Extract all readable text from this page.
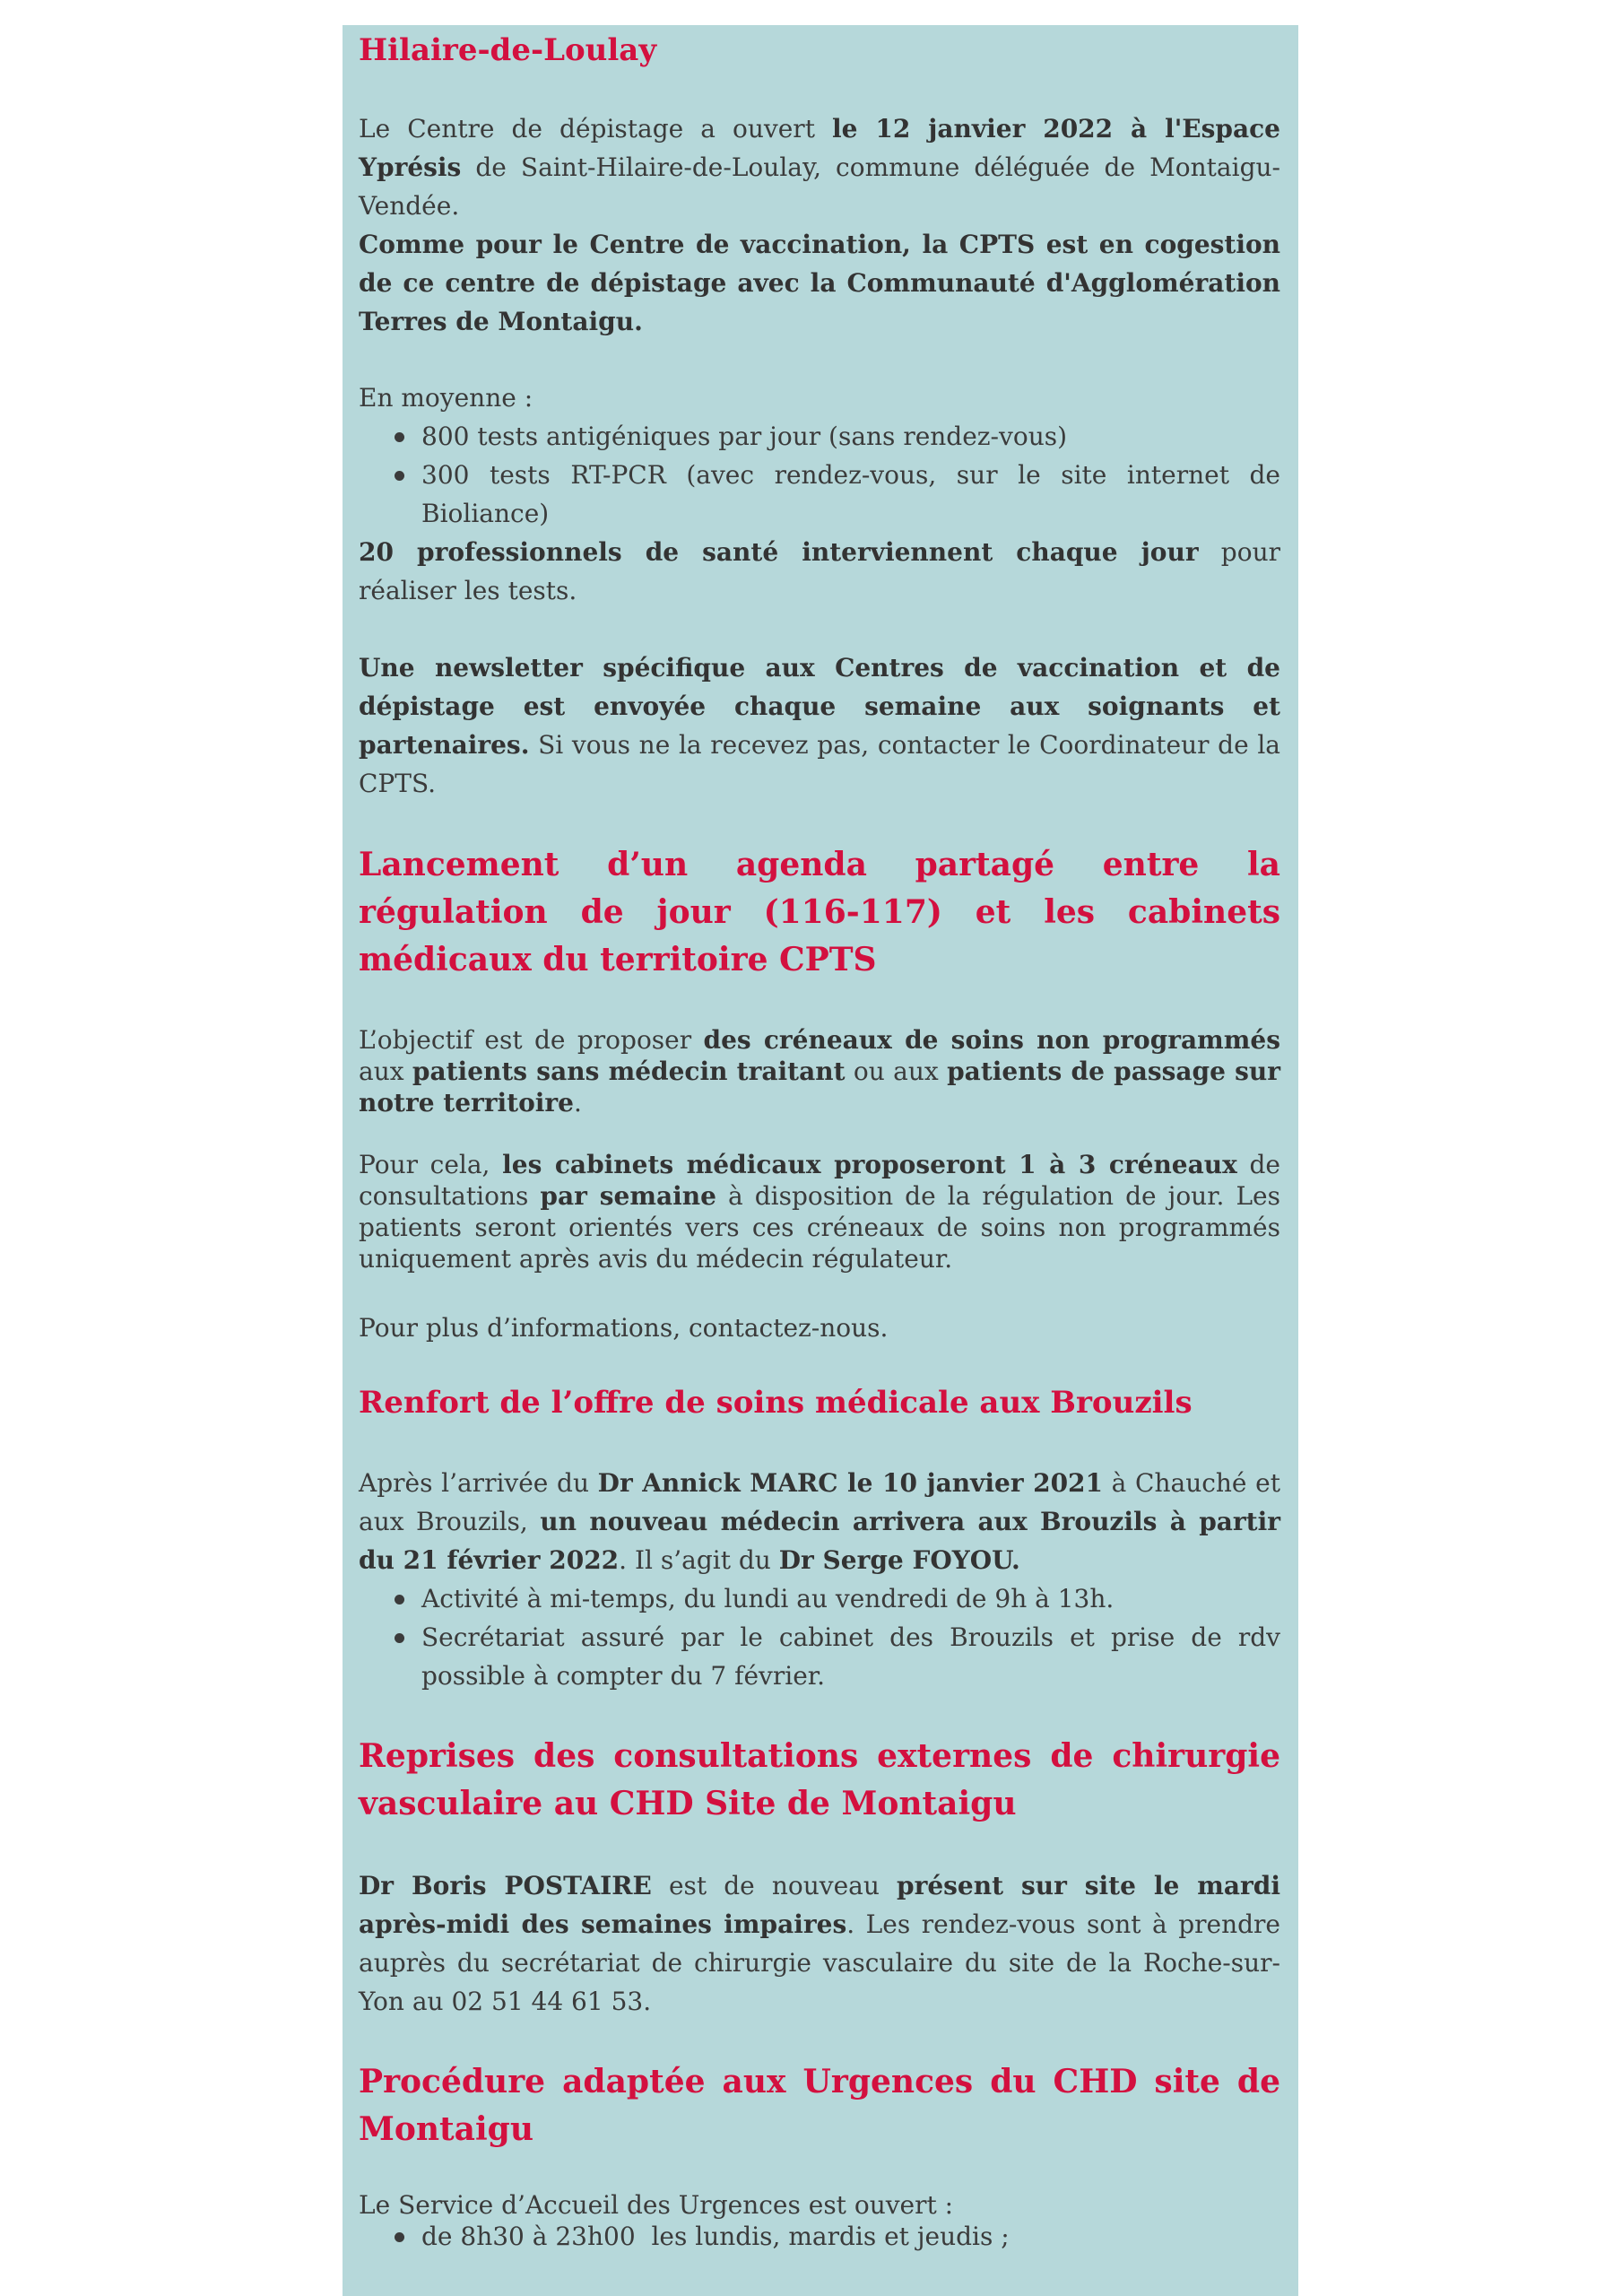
Hilaire-de-Loulay

Le Centre de dépistage a ouvert le 12 janvier 2022 à l'Espace Yprésis de Saint-Hilaire-de-Loulay, commune déléguée de Montaigu-Vendée.

Comme pour le Centre de vaccination, la CPTS est en cogestion de ce centre de dépistage avec la Communauté d'Agglomération Terres de Montaigu.

En moyenne :

800 tests antigéniques par jour (sans rendez-vous)
300 tests RT-PCR (avec rendez-vous, sur le site internet de Bioliance)

20 professionnels de santé interviennent chaque jour pour réaliser les tests.

Une newsletter spécifique aux Centres de vaccination et de dépistage est envoyée chaque semaine aux soignants et partenaires. Si vous ne la recevez pas, contacter le Coordinateur de la CPTS.

Lancement d’un agenda partagé entre la régulation de jour (116-117) et les cabinets médicaux du territoire CPTS

L’objectif est de proposer des créneaux de soins non programmés aux patients sans médecin traitant ou aux patients de passage sur notre territoire.

Pour cela, les cabinets médicaux proposeront 1 à 3 créneaux de consultations par semaine à disposition de la régulation de jour. Les patients seront orientés vers ces créneaux de soins non programmés uniquement après avis du médecin régulateur.

Pour plus d’informations, contactez-nous.

Renfort de l’offre de soins médicale aux Brouzils

Après l’arrivée du Dr Annick MARC le 10 janvier 2021 à Chauché et aux Brouzils, un nouveau médecin arrivera aux Brouzils à partir du 21 février 2022. Il s’agit du Dr Serge FOYOU.

Activité à mi-temps, du lundi au vendredi de 9h à 13h.
Secrétariat assuré par le cabinet des Brouzils et prise de rdv possible à compter du 7 février.
Reprises des consultations externes de chirurgie vasculaire au CHD Site de Montaigu

Dr Boris POSTAIRE est de nouveau présent sur site le mardi après-midi des semaines impaires. Les rendez-vous sont à prendre auprès du secrétariat de chirurgie vasculaire du site de la Roche-sur-Yon au 02 51 44 61 53.

Procédure adaptée aux Urgences du CHD site de Montaigu

Le Service d’Accueil des Urgences est ouvert :

de 8h30 à 23h00  les lundis, mardis et jeudis ;
